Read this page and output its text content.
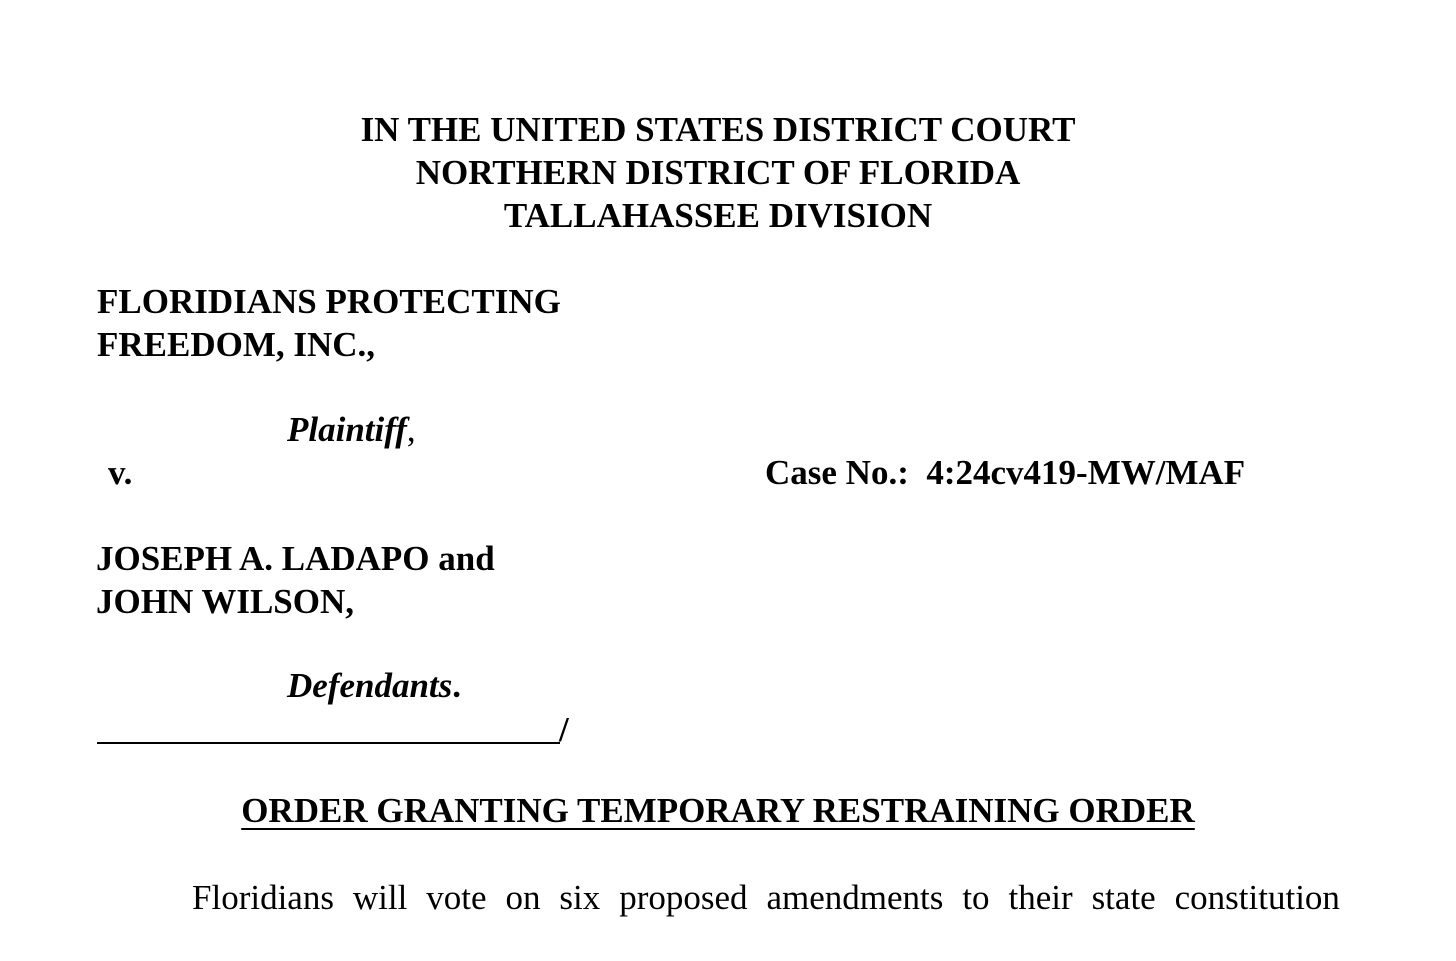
IN THE UNITED STATES DISTRICT COURT
NORTHERN DISTRICT OF FLORIDA
TALLAHASSEE DIVISION
FLORIDIANS PROTECTING
FREEDOM, INC.,
Plaintiff,
v.	Case No.:  4:24cv419-MW/MAF
JOSEPH A. LADAPO and
JOHN WILSON,
Defendants.
/
ORDER GRANTING TEMPORARY RESTRAINING ORDER
Floridians will vote on six proposed amendments to their state constitution
